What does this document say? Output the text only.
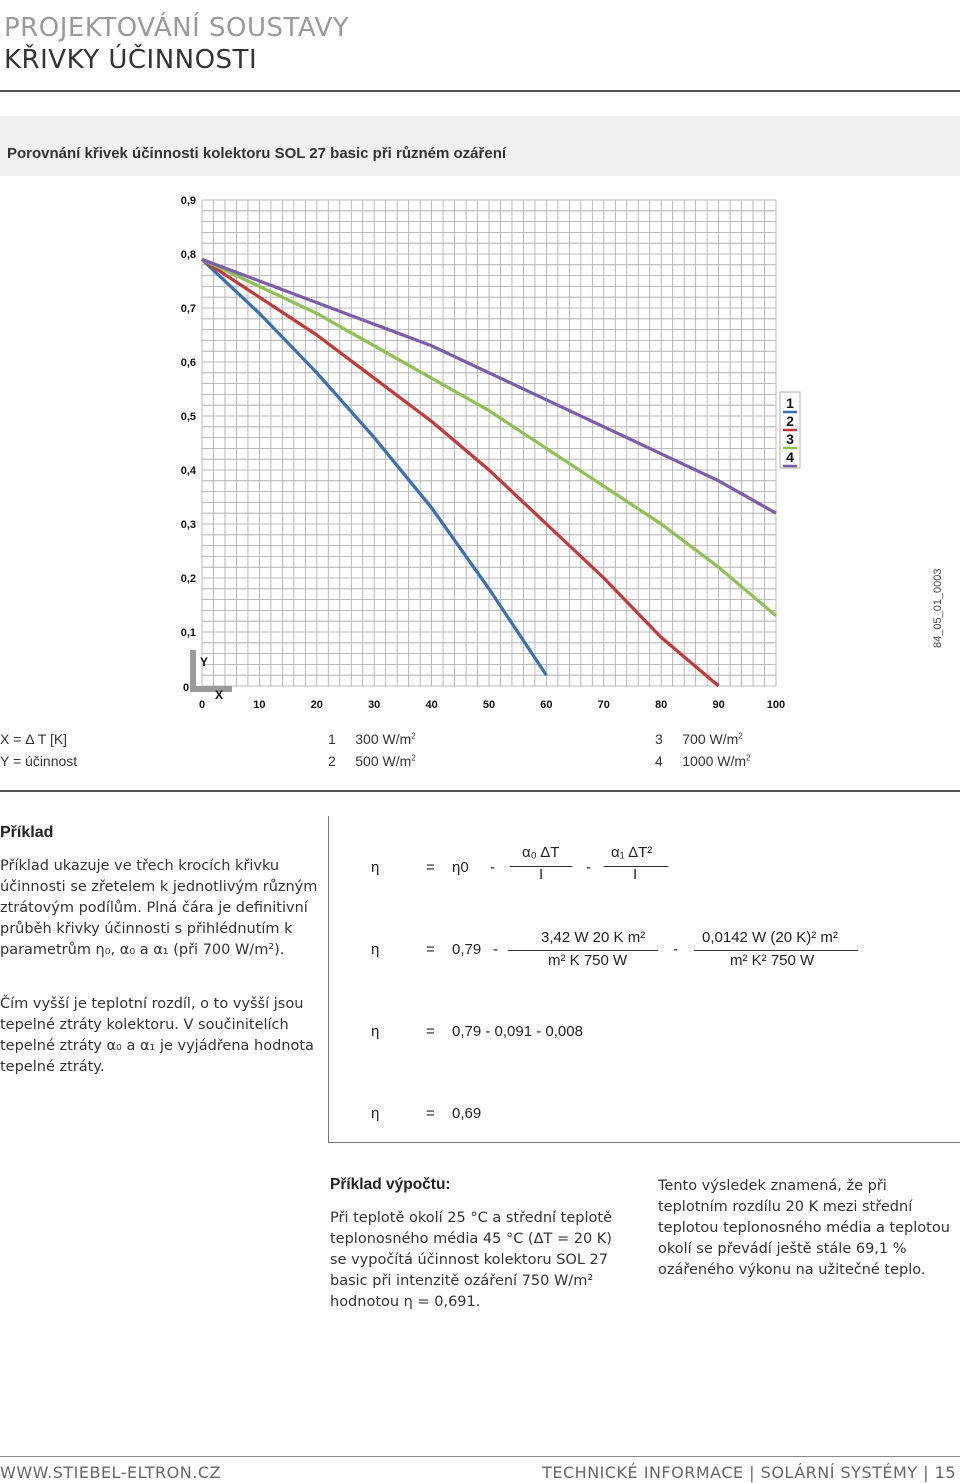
PROJEKTOVÁNÍ SOUSTAVY
KŘIVKY ÚČINNOSTI
Porovnání křivek účinnosti kolektoru SOL 27 basic při různém ozáření
0,1
0,2
0,3
0,4
0,5
0,6
0,7
0,8
0,9
0	10	20	30	40	50	60	70	80	90	100
0
Y
X
1
2
3
4
84_05_01_0003
X = Δ T [K]
Y = účinnost
1 300 $W/m^2$
2 500 $W/m^2$
3 700 $W/m^2$
4 1000 $W/m^2$
Příklad
Příklad ukazuje ve třech krocích křivku účinnosti se zřetelem k jednotlivým různým ztrátovým podílům. Plná čára je definitivní průběh křivky účinnosti s přihlédnutím k parametrům η₀, α₀ a α₁ (při 700 W/m²).
Čím vyšší je teplotní rozdíl, o to vyšší jsou tepelné ztráty kolektoru. V součinitelích tepelné ztráty α₀ a α₁ je vyjádřena hodnota tepelné ztráty.
η	= η0 -
α₀ ΔT
I	-
α₁ ΔT²
I
η	= 0,79 -
3,42 W 20 K m²
m² K 750 W
-
0,0142 W (20 K)² m²
m² K² 750 W
η	= 0,79 - 0,091 - 0,008
η	= 0,69
Příklad výpočtu:
Při teplotě okolí 25 °C a střední teplotě teplonosného média 45 °C (ΔT = 20 K) se vypočítá účinnost kolektoru SOL 27 basic při intenzitě ozáření 750 W/m² hodnotou η = 0,691.
Tento výsledek znamená, že při teplotním rozdílu 20 K mezi střední teplotou teplonosného média a teplotou okolí se převádí ještě stále 69,1 % ozářeného výkonu na užitečné teplo.
WWW.STIEBEL-ELTRON.CZ	TECHNICKÉ INFORMACE | SOLÁRNÍ SYSTÉMY | 15
